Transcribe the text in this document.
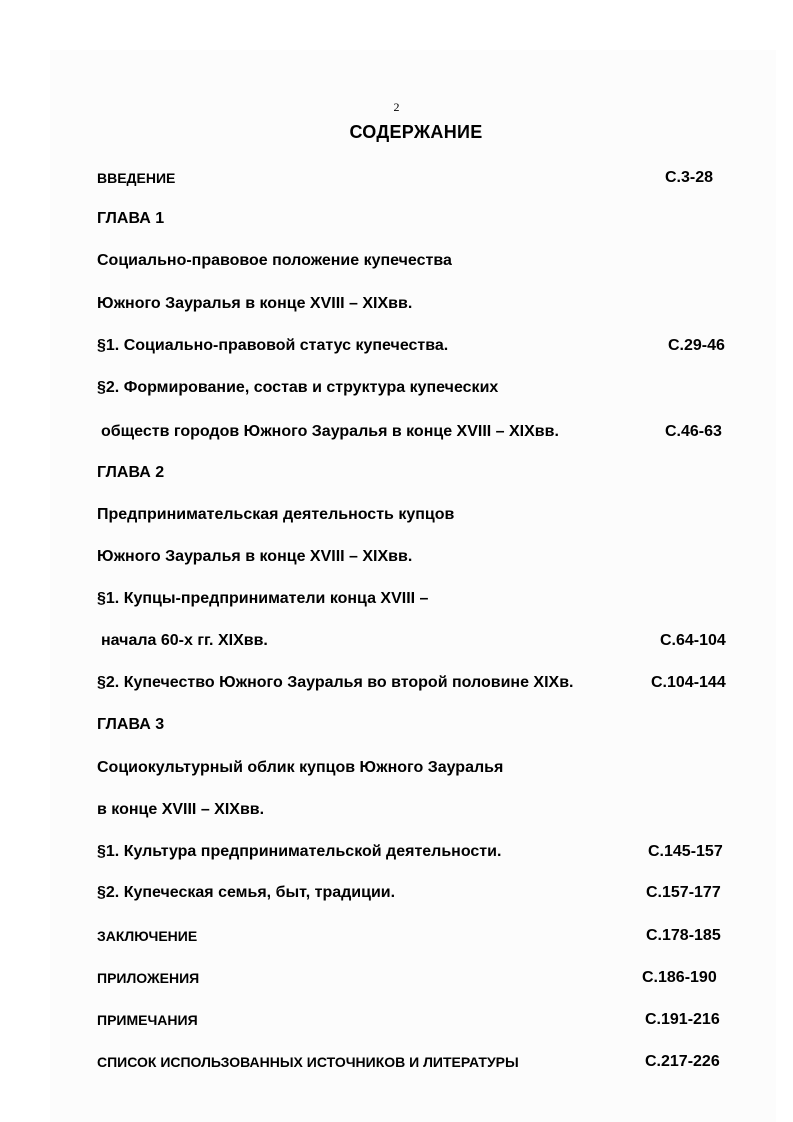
2
СОДЕРЖАНИЕ
ВВЕДЕНИЕ	С.3-28
ГЛАВА 1
Социально-правовое положение купечества
Южного Зауралья в конце XVIII – XIXвв.
§1. Социально-правовой статус купечества.	С.29-46
§2. Формирование, состав и структура купеческих
обществ городов Южного Зауралья в конце XVIII – XIXвв.	С.46-63
ГЛАВА 2
Предпринимательская деятельность купцов
Южного Зауралья в конце XVIII – XIXвв.
§1. Купцы-предприниматели конца XVIII –
начала 60-х гг. XIXвв.	С.64-104
§2. Купечество Южного Зауралья во второй половине XIXв.	С.104-144
ГЛАВА 3
Социокультурный облик купцов Южного Зауралья
в конце XVIII – XIXвв.
§1. Культура предпринимательской деятельности.	С.145-157
§2. Купеческая семья, быт, традиции.	С.157-177
ЗАКЛЮЧЕНИЕ	С.178-185
ПРИЛОЖЕНИЯ	С.186-190
ПРИМЕЧАНИЯ	С.191-216
СПИСОК ИСПОЛЬЗОВАННЫХ ИСТОЧНИКОВ И ЛИТЕРАТУРЫ	С.217-226
